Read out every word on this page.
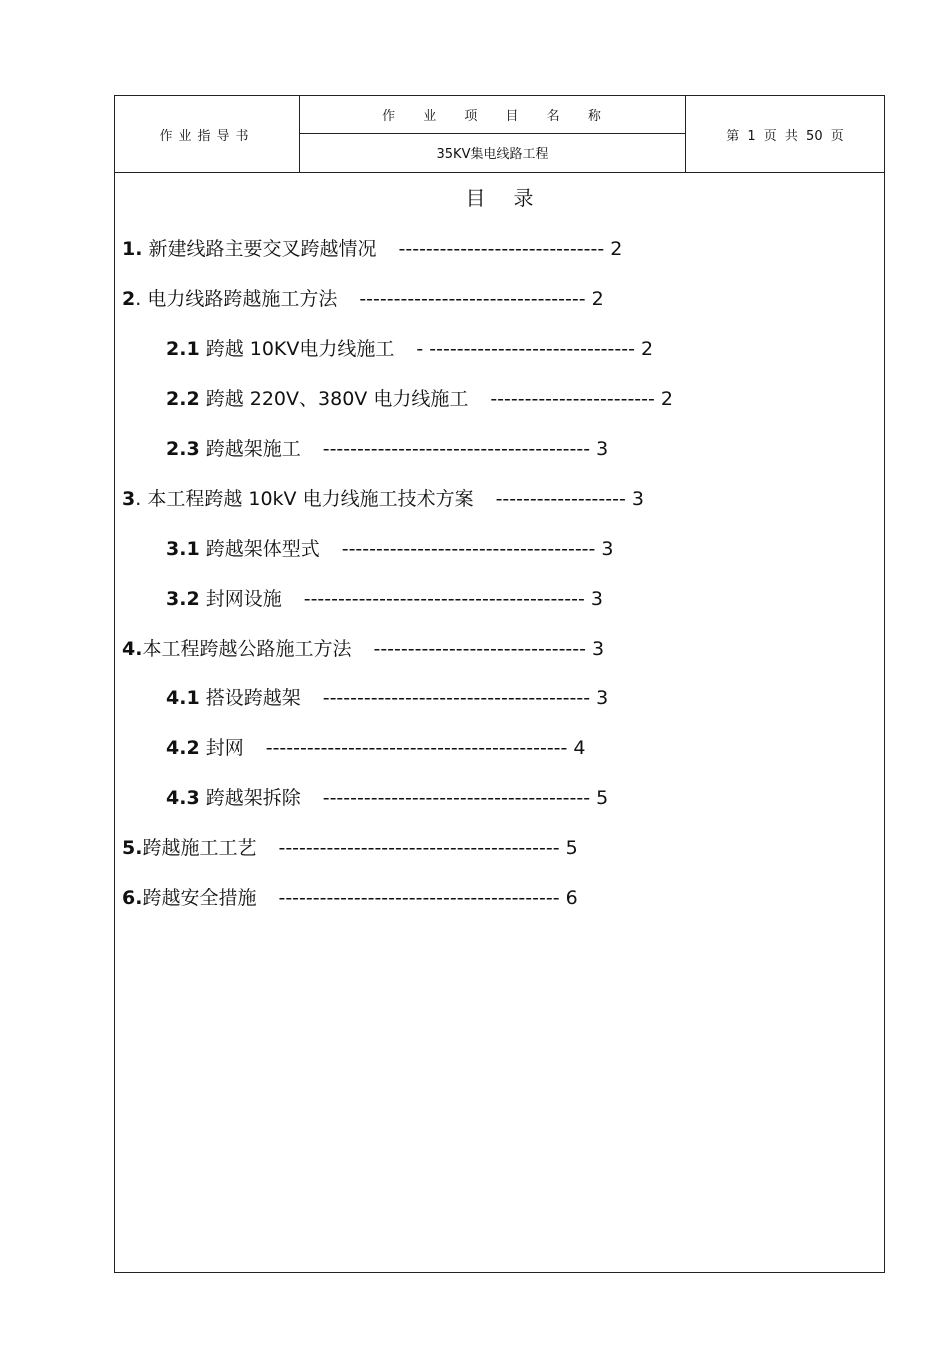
作业指导书
作 业 项 目 名 称
35KV集电线路工程
第 1 页 共 50 页
目录
1. 新建线路主要交叉跨越情况 ------------------------------ 2
2. 电力线路跨越施工方法 --------------------------------- 2
2.1 跨越 10KV电力线施工 - ------------------------------ 2
2.2 跨越 220V、380V 电力线施工 ------------------------ 2
2.3 跨越架施工 --------------------------------------- 3
3. 本工程跨越 10kV 电力线施工技术方案 ------------------- 3
3.1 跨越架体型式 ------------------------------------- 3
3.2 封网设施 ----------------------------------------- 3
4.本工程跨越公路施工方法 ------------------------------- 3
4.1 搭设跨越架 --------------------------------------- 3
4.2 封网 -------------------------------------------- 4
4.3 跨越架拆除 --------------------------------------- 5
5.跨越施工工艺 ----------------------------------------- 5
6.跨越安全措施 ----------------------------------------- 6
